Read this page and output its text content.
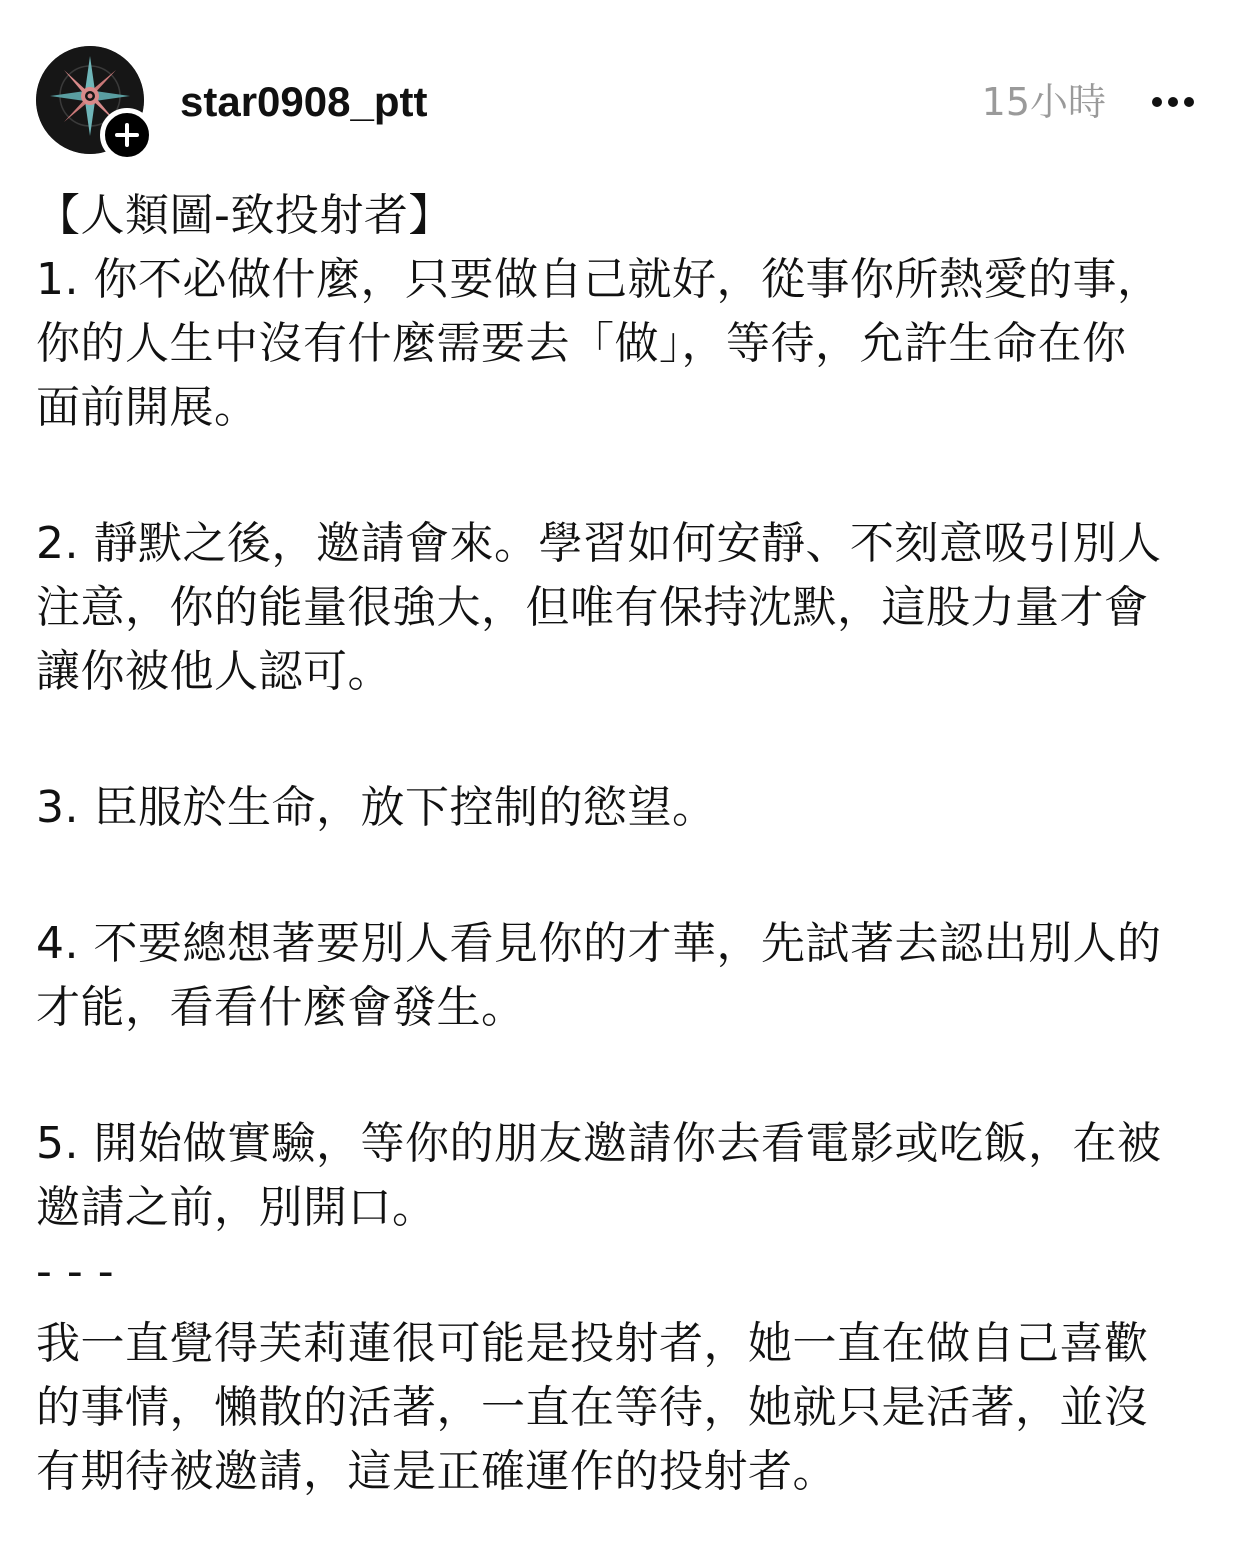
star0908_ptt	15小時
【人類圖-致投射者】
1. 你不必做什麼，只要做自己就好，從事你所熱愛的事，
你的人生中沒有什麼需要去「做」，等待，允許生命在你
面前開展。
2. 靜默之後，邀請會來。學習如何安靜、不刻意吸引別人
注意，你的能量很強大，但唯有保持沈默，這股力量才會
讓你被他人認可。
3. 臣服於生命，放下控制的慾望。
4. 不要總想著要別人看見你的才華，先試著去認出別人的
才能，看看什麼會發生。
5. 開始做實驗，等你的朋友邀請你去看電影或吃飯，在被
邀請之前，別開口。
- - -
我一直覺得芙莉蓮很可能是投射者，她一直在做自己喜歡
的事情，懶散的活著，一直在等待，她就只是活著，並沒
有期待被邀請，這是正確運作的投射者。
